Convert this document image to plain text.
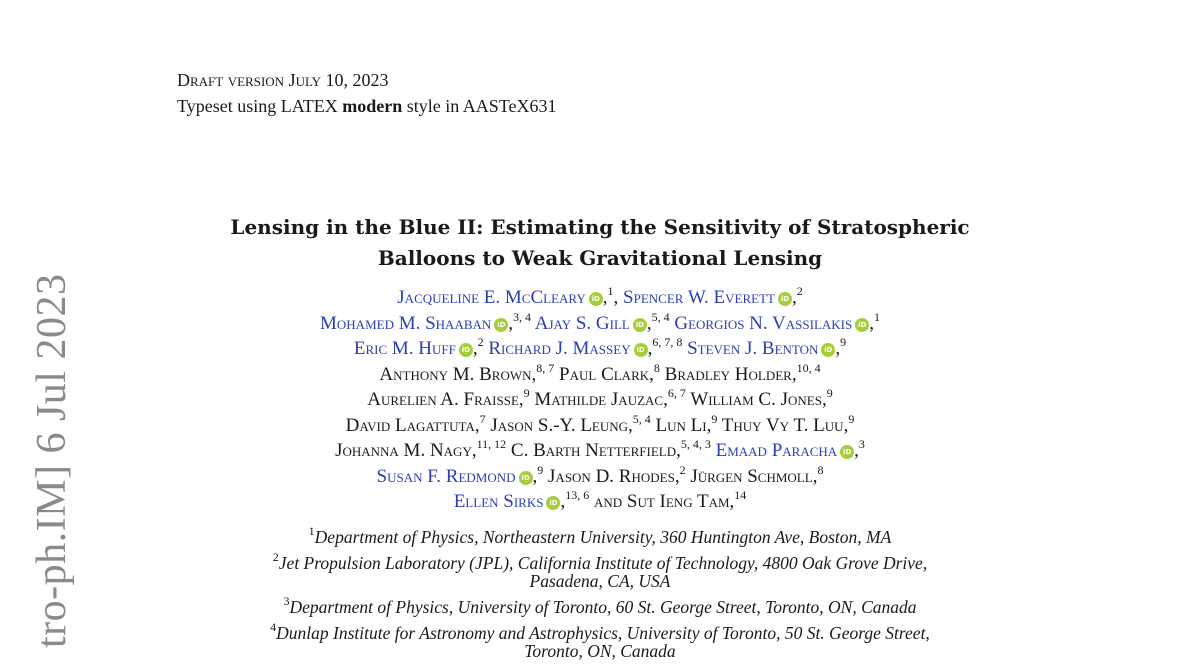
Draft version July 10, 2023
Typeset using LATEX modern style in AASTeX631
tro-ph.IM] 6 Jul 2023
Lensing in the Blue II: Estimating the Sensitivity of Stratospheric
Balloons to Weak Gravitational Lensing
Jacqueline E. McCleary iD ,$^1$, Spencer W. Everett iD ,$^2$
Mohamed M. Shaaban iD ,$^{3, 4}$ Ajay S. Gill iD ,$^{5, 4}$ Georgios N. Vassilakis iD ,$^1$
Eric M. Huff iD ,$^2$ Richard J. Massey iD ,$^{6, 7, 8}$ Steven J. Benton iD ,$^9$
Anthony M. Brown,$^{8, 7}$ Paul Clark,$^8$ Bradley Holder,$^{10, 4}$
Aurelien A. Fraisse,$^9$ Mathilde Jauzac,$^{6, 7}$ William C. Jones,$^9$
David Lagattuta,$^7$ Jason S.-Y. Leung,$^{5, 4}$ Lun Li,$^9$ Thuy Vy T. Luu,$^9$
Johanna M. Nagy,$^{11, 12}$ C. Barth Netterfield,$^{5, 4, 3}$ Emaad Paracha iD ,$^3$
Susan F. Redmond iD ,$^9$ Jason D. Rhodes,$^2$ Jürgen Schmoll,$^8$
Ellen Sirks iD ,$^{13, 6}$ and Sut Ieng Tam,$^{14}$
$^1$Department of Physics, Northeastern University, 360 Huntington Ave, Boston, MA
$^2$Jet Propulsion Laboratory (JPL), California Institute of Technology, 4800 Oak Grove Drive, Pasadena, CA, USA
$^3$Department of Physics, University of Toronto, 60 St. George Street, Toronto, ON, Canada
$^4$Dunlap Institute for Astronomy and Astrophysics, University of Toronto, 50 St. George Street, Toronto, ON, Canada
